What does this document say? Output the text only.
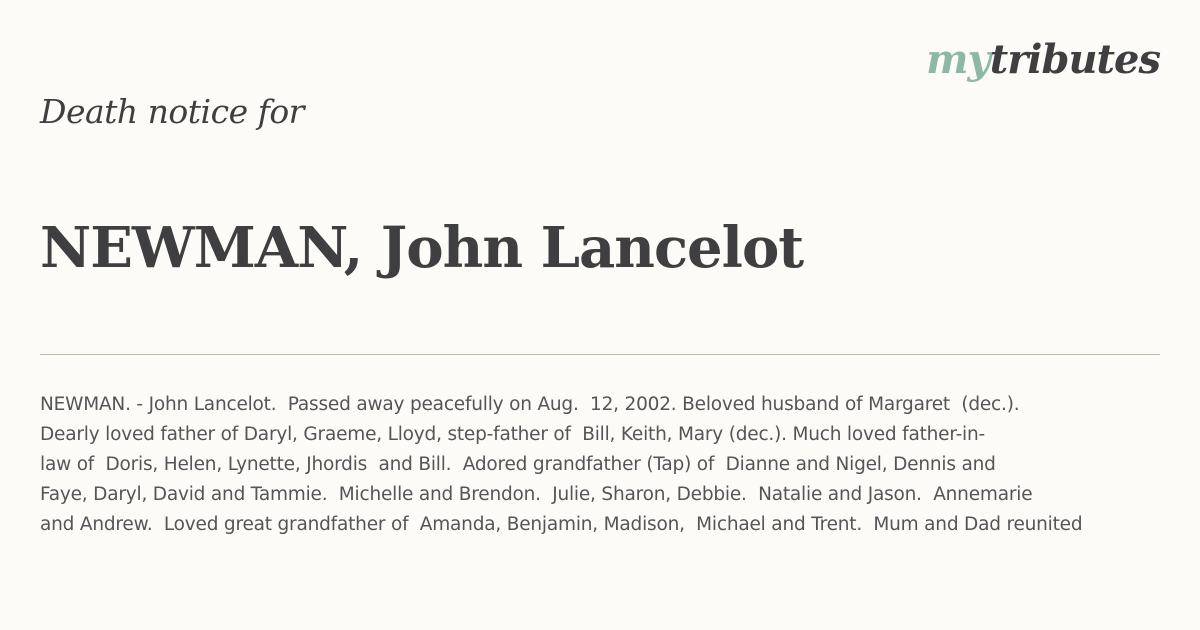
mytributes
Death notice for
NEWMAN, John Lancelot

NEWMAN. - John Lancelot.  Passed away peacefully on Aug.  12, 2002. Beloved husband of Margaret  (dec.).
Dearly loved father of Daryl, Graeme, Lloyd, step-father of  Bill, Keith, Mary (dec.). Much loved father-in-
law of  Doris, Helen, Lynette, Jhordis  and Bill.  Adored grandfather (Tap) of  Dianne and Nigel, Dennis and
Faye, Daryl, David and Tammie.  Michelle and Brendon.  Julie, Sharon, Debbie.  Natalie and Jason.  Annemarie
and Andrew.  Loved great grandfather of  Amanda, Benjamin, Madison,  Michael and Trent.  Mum and Dad reunited
